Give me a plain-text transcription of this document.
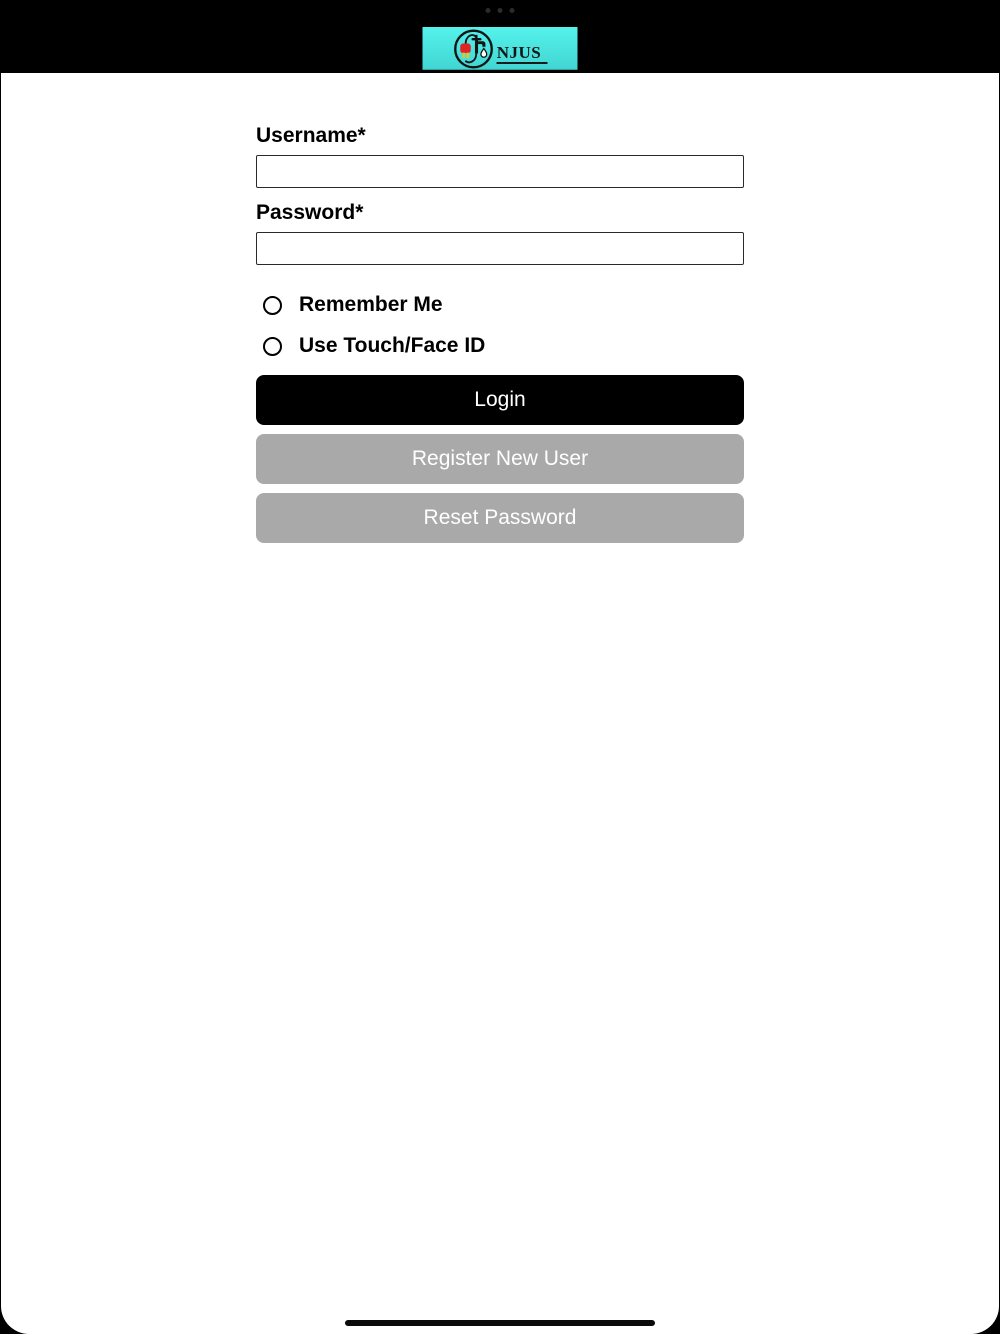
NJUS
Username*
Password*
Remember Me
Use Touch/Face ID
Login
Register New User
Reset Password
